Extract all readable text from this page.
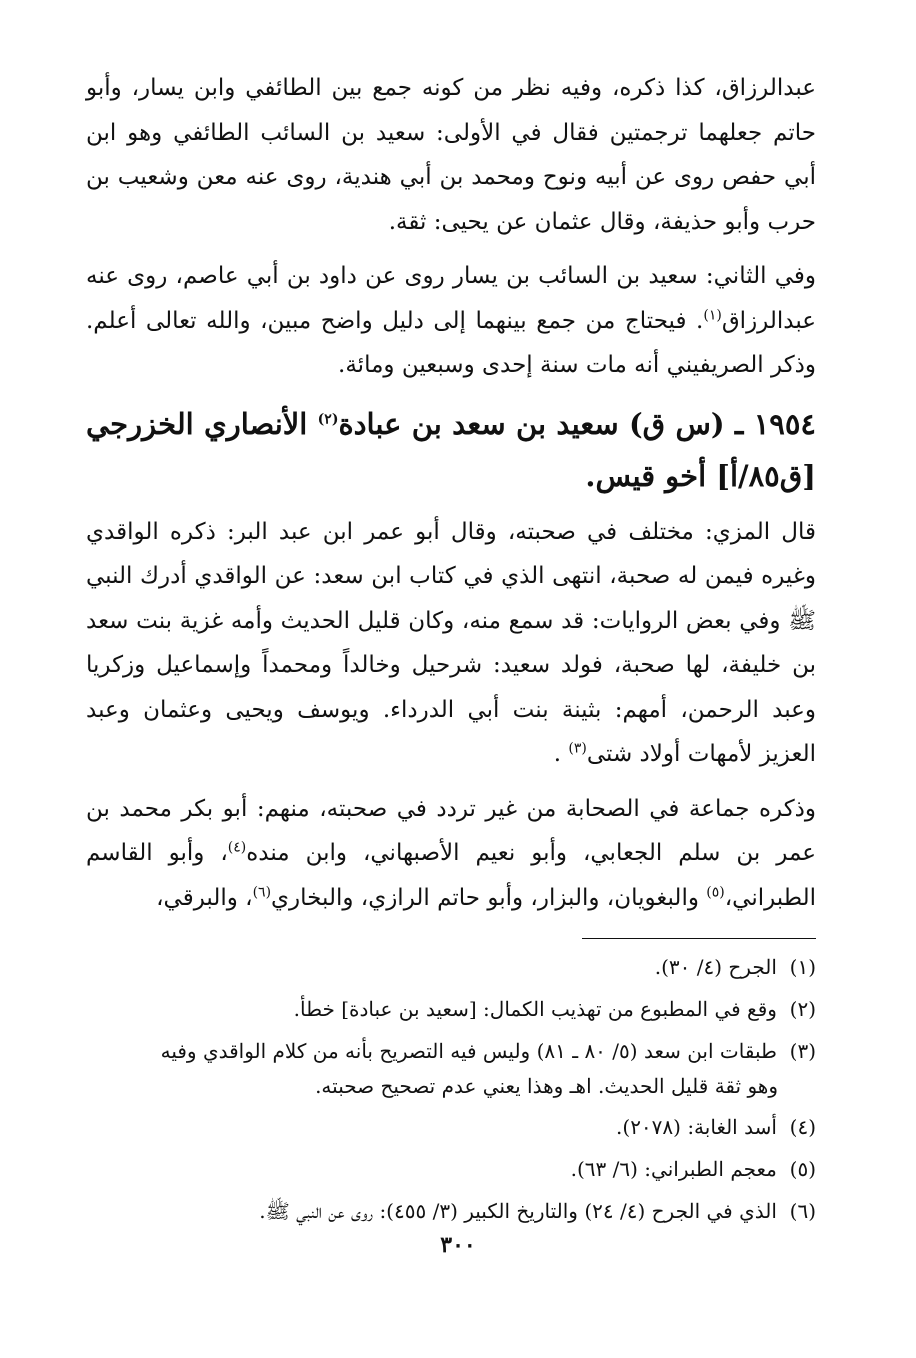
عبدالرزاق، كذا ذكره، وفيه نظر من كونه جمع بين الطائفي وابن يسار، وأبو حاتم جعلهما ترجمتين فقال في الأولى: سعيد بن السائب الطائفي وهو ابن أبي حفص روى عن أبيه ونوح ومحمد بن أبي هندية، روى عنه معن وشعيب بن حرب وأبو حذيفة، وقال عثمان عن يحيى: ثقة.

وفي الثاني: سعيد بن السائب بن يسار روى عن داود بن أبي عاصم، روى عنه عبدالرزاق$^{(١)}$. فيحتاج من جمع بينهما إلى دليل واضح مبين، والله تعالى أعلم. وذكر الصريفيني أنه مات سنة إحدى وسبعين ومائة.

١٩٥٤ ـ (س ق) سعيد بن سعد بن عبادة$^{(٢)}$ الأنصاري الخزرجي [ق٨٥/أ] أخو قيس.

قال المزي: مختلف في صحبته، وقال أبو عمر ابن عبد البر: ذكره الواقدي وغيره فيمن له صحبة، انتهى الذي في كتاب ابن سعد: عن الواقدي أدرك النبي ﷺ وفي بعض الروايات: قد سمع منه، وكان قليل الحديث وأمه غزية بنت سعد بن خليفة، لها صحبة، فولد سعيد: شرحيل وخالداً ومحمداً وإسماعيل وزكريا وعبد الرحمن، أمهم: بثينة بنت أبي الدرداء. ويوسف ويحيى وعثمان وعبد العزيز لأمهات أولاد شتى$^{(٣)}$ .

وذكره جماعة في الصحابة من غير تردد في صحبته، منهم: أبو بكر محمد بن عمر بن سلم الجعابي، وأبو نعيم الأصبهاني، وابن منده$^{(٤)}$، وأبو القاسم الطبراني،$^{(٥)}$ والبغويان، والبزار، وأبو حاتم الرازي، والبخاري$^{(٦)}$، والبرقي،

(١)  الجرح (٤/ ٣٠).

(٢)  وقع في المطبوع من تهذيب الكمال: [سعيد بن عبادة] خطأ.

(٣)  طبقات ابن سعد (٥/ ٨٠ ـ ٨١) وليس فيه التصريح بأنه من كلام الواقدي وفيه

وهو ثقة قليل الحديث. اهـ وهذا يعني عدم تصحيح صحبته.

(٤)  أسد الغابة: (٢٠٧٨).

(٥)  معجم الطبراني: (٦/ ٦٣).

(٦)  الذي في الجرح (٤/ ٢٤) والتاريخ الكبير (٣/ ٤٥٥): روى عن النبي ﷺ.

٣٠٠
